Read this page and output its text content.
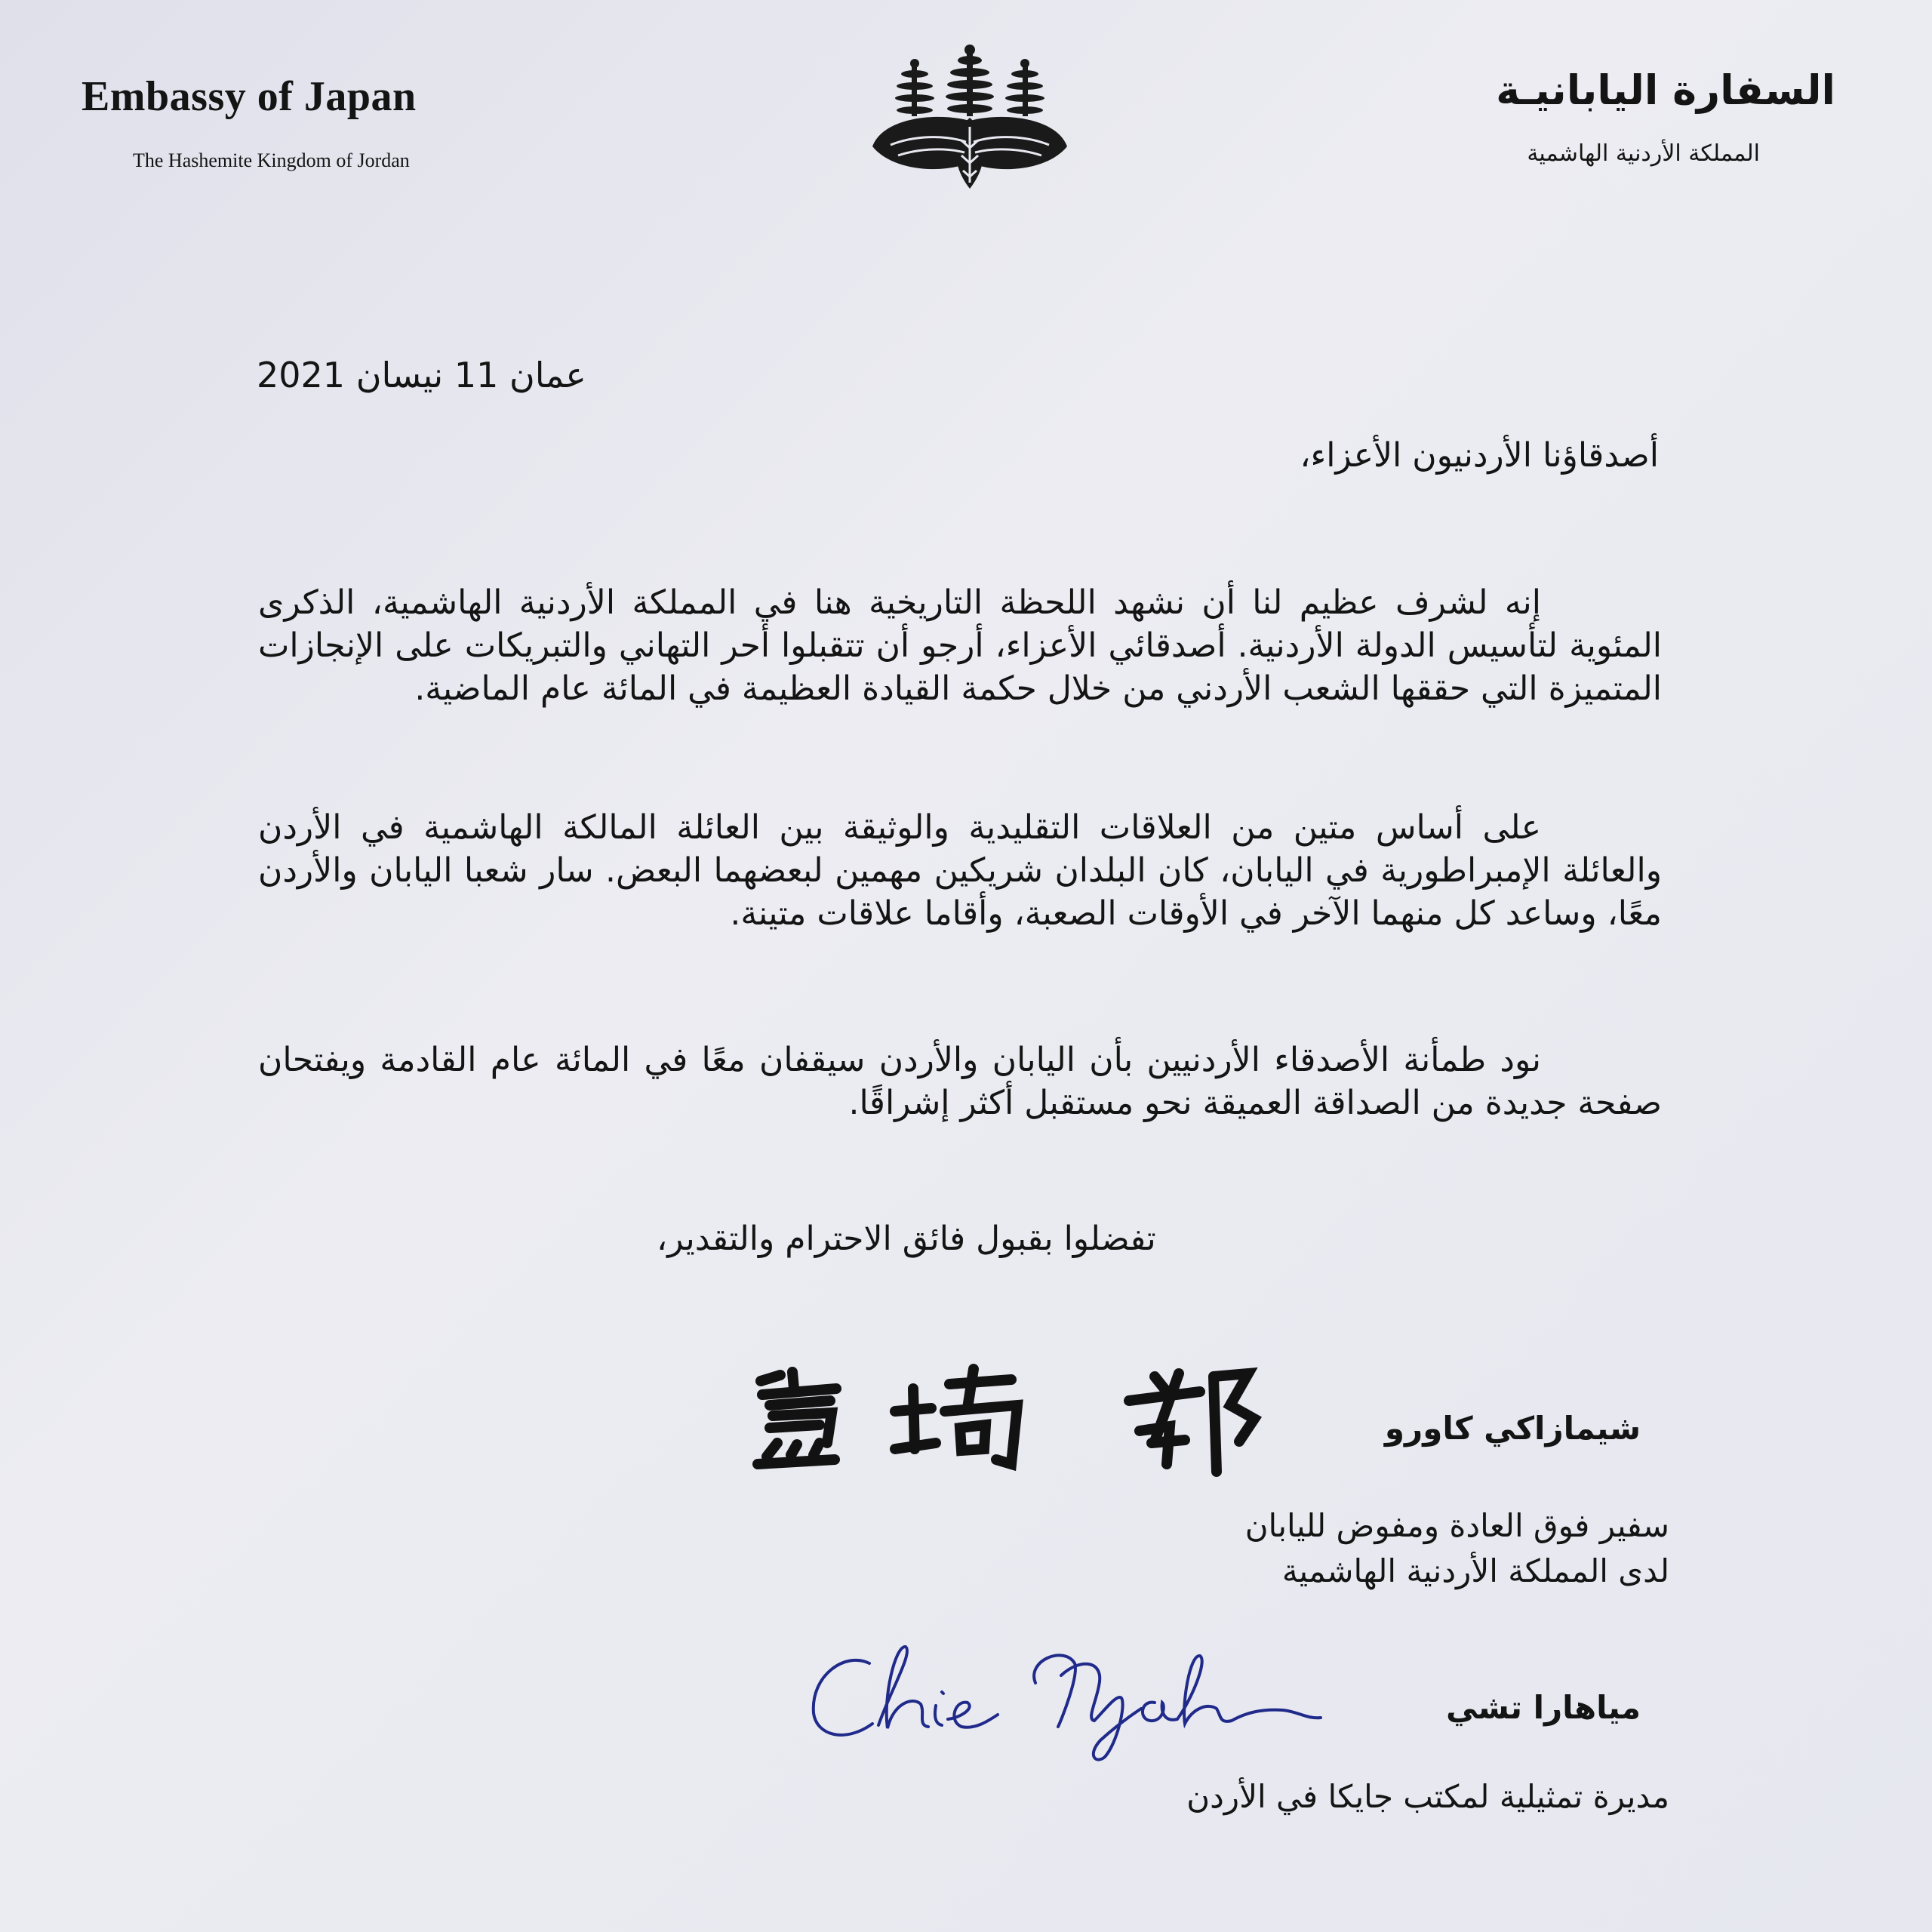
Embassy of Japan
The Hashemite Kingdom of Jordan
السفارة اليابانيـة
المملكة الأردنية الهاشمية
عمان 11 نيسان 2021
أصدقاؤنا الأردنيون الأعزاء،
إنه لشرف عظيم لنا أن نشهد اللحظة التاريخية هنا في المملكة الأردنية الهاشمية، الذكرى المئوية لتأسيس الدولة الأردنية. أصدقائي الأعزاء، أرجو أن تتقبلوا أحر التهاني والتبريكات على الإنجازات المتميزة التي حققها الشعب الأردني من خلال حكمة القيادة العظيمة في المائة عام الماضية.
على أساس متين من العلاقات التقليدية والوثيقة بين العائلة المالكة الهاشمية في الأردن والعائلة الإمبراطورية في اليابان، كان البلدان شريكين مهمين لبعضهما البعض. سار شعبا اليابان والأردن معًا، وساعد كل منهما الآخر في الأوقات الصعبة، وأقاما علاقات متينة.
نود طمأنة الأصدقاء الأردنيين بأن اليابان والأردن سيقفان معًا في المائة عام القادمة ويفتحان صفحة جديدة من الصداقة العميقة نحو مستقبل أكثر إشراقًا.
تفضلوا بقبول فائق الاحترام والتقدير،
شيمازاكي كاورو
سفير فوق العادة ومفوض لليابان
لدى المملكة الأردنية الهاشمية
مياهارا تشي
مديرة تمثيلية لمكتب جايكا في الأردن
